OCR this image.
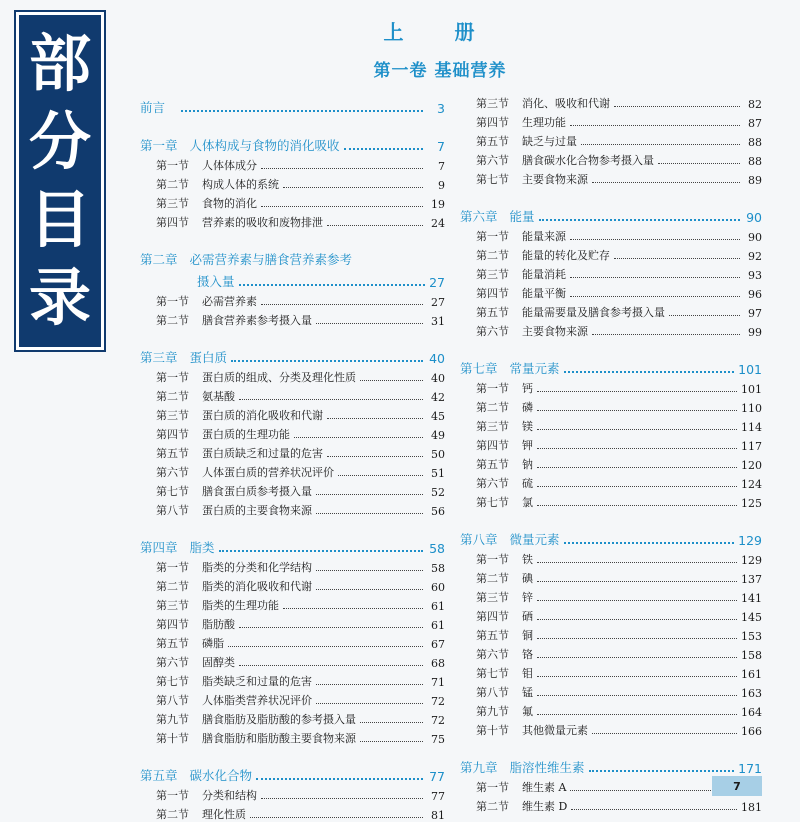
部
分
目
录
上 册
第一卷 基础营养
前言	3
第一章 人体构成与食物的消化吸收	7
第一节	人体体成分	7
第二节	构成人体的系统	9
第三节	食物的消化	19
第四节	营养素的吸收和废物排泄	24
第二章 必需营养素与膳食营养素参考
摄入量	27
第一节	必需营养素	27
第二节	膳食营养素参考摄入量	31
第三章 蛋白质	40
第一节	蛋白质的组成、分类及理化性质	40
第二节	氨基酸	42
第三节	蛋白质的消化吸收和代谢	45
第四节	蛋白质的生理功能	49
第五节	蛋白质缺乏和过量的危害	50
第六节	人体蛋白质的营养状况评价	51
第七节	膳食蛋白质参考摄入量	52
第八节	蛋白质的主要食物来源	56
第四章 脂类	58
第一节	脂类的分类和化学结构	58
第二节	脂类的消化吸收和代谢	60
第三节	脂类的生理功能	61
第四节	脂肪酸	61
第五节	磷脂	67
第六节	固醇类	68
第七节	脂类缺乏和过量的危害	71
第八节	人体脂类营养状况评价	72
第九节	膳食脂肪及脂肪酸的参考摄入量	72
第十节	膳食脂肪和脂肪酸主要食物来源	75
第五章 碳水化合物	77
第一节	分类和结构	77
第二节	理化性质	81
第三节	消化、吸收和代谢	82
第四节	生理功能	87
第五节	缺乏与过量	88
第六节	膳食碳水化合物参考摄入量	88
第七节	主要食物来源	89
第六章 能量	90
第一节	能量来源	90
第二节	能量的转化及贮存	92
第三节	能量消耗	93
第四节	能量平衡	96
第五节	能量需要量及膳食参考摄入量	97
第六节	主要食物来源	99
第七章 常量元素	101
第一节	钙	101
第二节	磷	110
第三节	镁	114
第四节	钾	117
第五节	钠	120
第六节	硫	124
第七节	氯	125
第八章 微量元素	129
第一节	铁	129
第二节	碘	137
第三节	锌	141
第四节	硒	145
第五节	铜	153
第六节	铬	158
第七节	钼	161
第八节	锰	163
第九节	氟	164
第十节	其他微量元素	166
第九章 脂溶性维生素	171
第一节	维生素 A
第二节	维生素 D	181
7
